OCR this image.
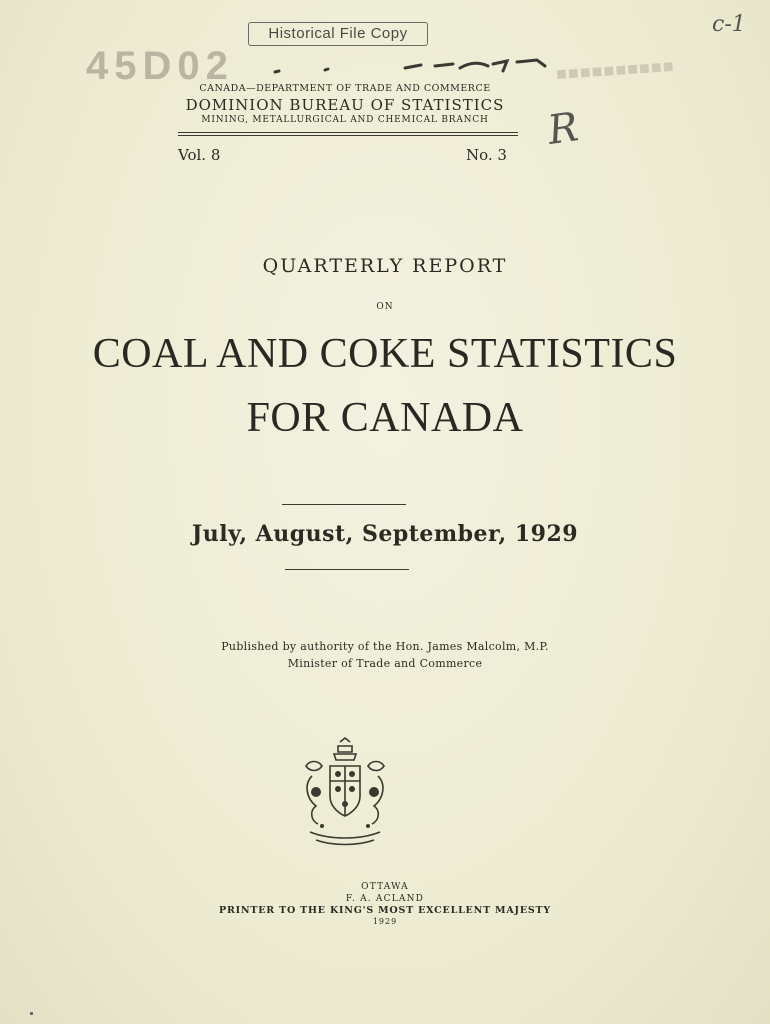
Historical File Copy	c-1
45D02	■■■■■■■■■■
R
CANADA—DEPARTMENT OF TRADE AND COMMERCE
DOMINION BUREAU OF STATISTICS
MINING, METALLURGICAL AND CHEMICAL BRANCH
Vol. 8	No. 3
QUARTERLY REPORT
ON
COAL AND COKE STATISTICS
FOR CANADA
July, August, September, 1929
Published by authority of the Hon. James Malcolm, M.P.
Minister of Trade and Commerce
OTTAWA
F. A. ACLAND
PRINTER TO THE KING'S MOST EXCELLENT MAJESTY
1929
